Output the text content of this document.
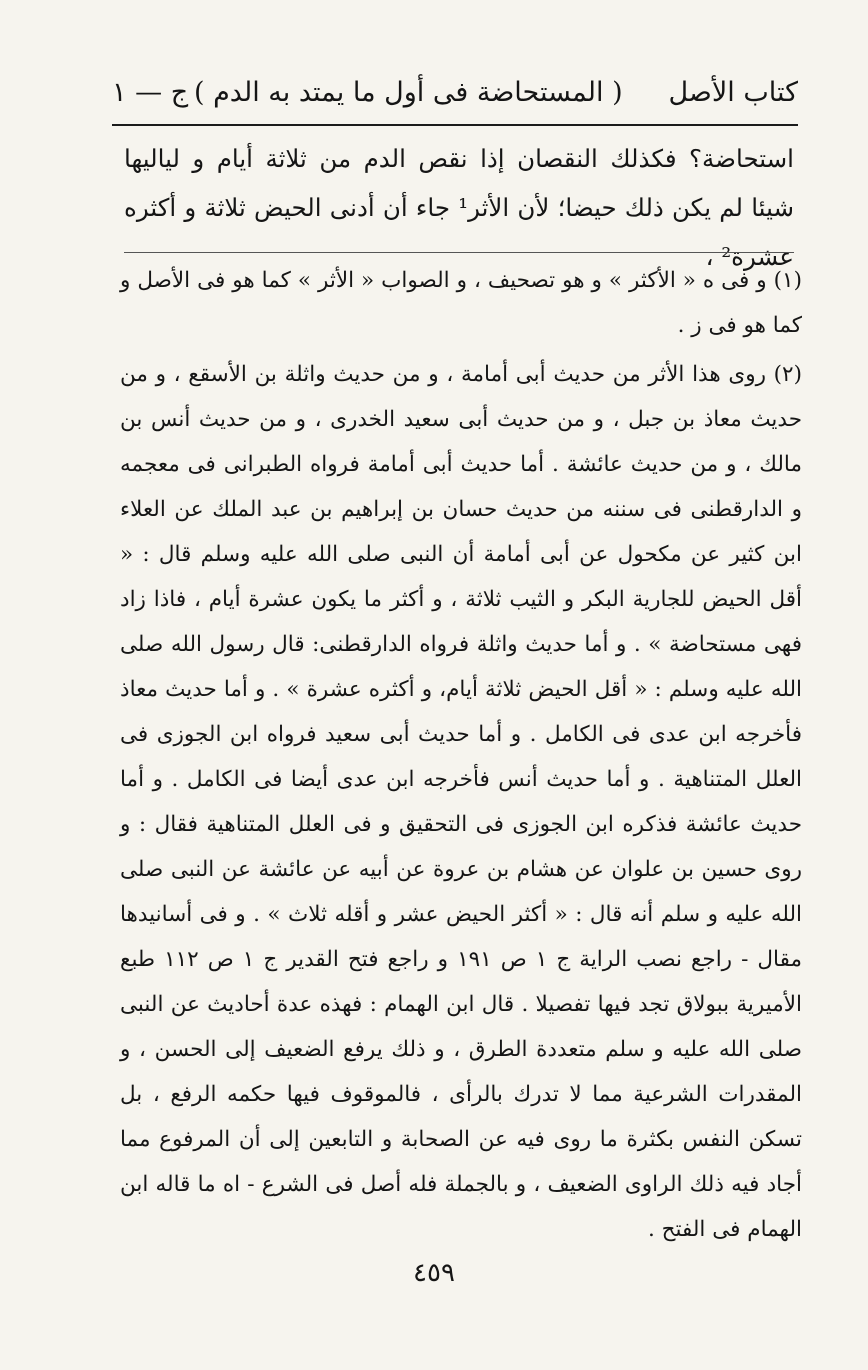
كتاب الأصل
( المستحاضة فى أول ما يمتد به الدم )
ج — ١

استحاضة؟ فكذلك النقصان إذا نقص الدم من ثلاثة أيام و لياليها شيئا لم يكن ذلك حيضا؛ لأن الأثر¹ جاء أن أدنى الحيض ثلاثة و أكثره عشرة² ،

(١) و فى ه « الأكثر » و هو تصحيف ، و الصواب « الأثر » كما هو فى الأصل و كما هو فى ز .

(٢) روى هذا الأثر من حديث أبى أمامة ، و من حديث واثلة بن الأسقع ، و من حديث معاذ بن جبل ، و من حديث أبى سعيد الخدرى ، و من حديث أنس بن مالك ، و من حديث عائشة . أما حديث أبى أمامة فرواه الطبرانى فى معجمه و الدارقطنى فى سننه من حديث حسان بن إبراهيم بن عبد الملك عن العلاء ابن كثير عن مكحول عن أبى أمامة أن النبى صلى الله عليه وسلم قال : « أقل الحيض للجارية البكر و الثيب ثلاثة ، و أكثر ما يكون عشرة أيام ، فاذا زاد فهى مستحاضة » . و أما حديث واثلة فرواه الدارقطنى: قال رسول الله صلى الله عليه وسلم : « أقل الحيض ثلاثة أيام، و أكثره عشرة » . و أما حديث معاذ فأخرجه ابن عدى فى الكامل . و أما حديث أبى سعيد فرواه ابن الجوزى فى العلل المتناهية . و أما حديث أنس فأخرجه ابن عدى أيضا فى الكامل . و أما حديث عائشة فذكره ابن الجوزى فى التحقيق و فى العلل المتناهية فقال : و روى حسين بن علوان عن هشام بن عروة عن أبيه عن عائشة عن النبى صلى الله عليه و سلم أنه قال : « أكثر الحيض عشر و أقله ثلاث » . و فى أسانيدها مقال - راجع نصب الراية ج ١ ص ١٩١ و راجع فتح القدير ج ١ ص ١١٢ طبع الأميرية ببولاق تجد فيها تفصيلا . قال ابن الهمام : فهذه عدة أحاديث عن النبى صلى الله عليه و سلم متعددة الطرق ، و ذلك يرفع الضعيف إلى الحسن ، و المقدرات الشرعية مما لا تدرك بالرأى ، فالموقوف فيها حكمه الرفع ، بل تسكن النفس بكثرة ما روى فيه عن الصحابة و التابعين إلى أن المرفوع مما أجاد فيه ذلك الراوى الضعيف ، و بالجملة فله أصل فى الشرع - اه ما قاله ابن الهمام فى الفتح .

٤٥٩
